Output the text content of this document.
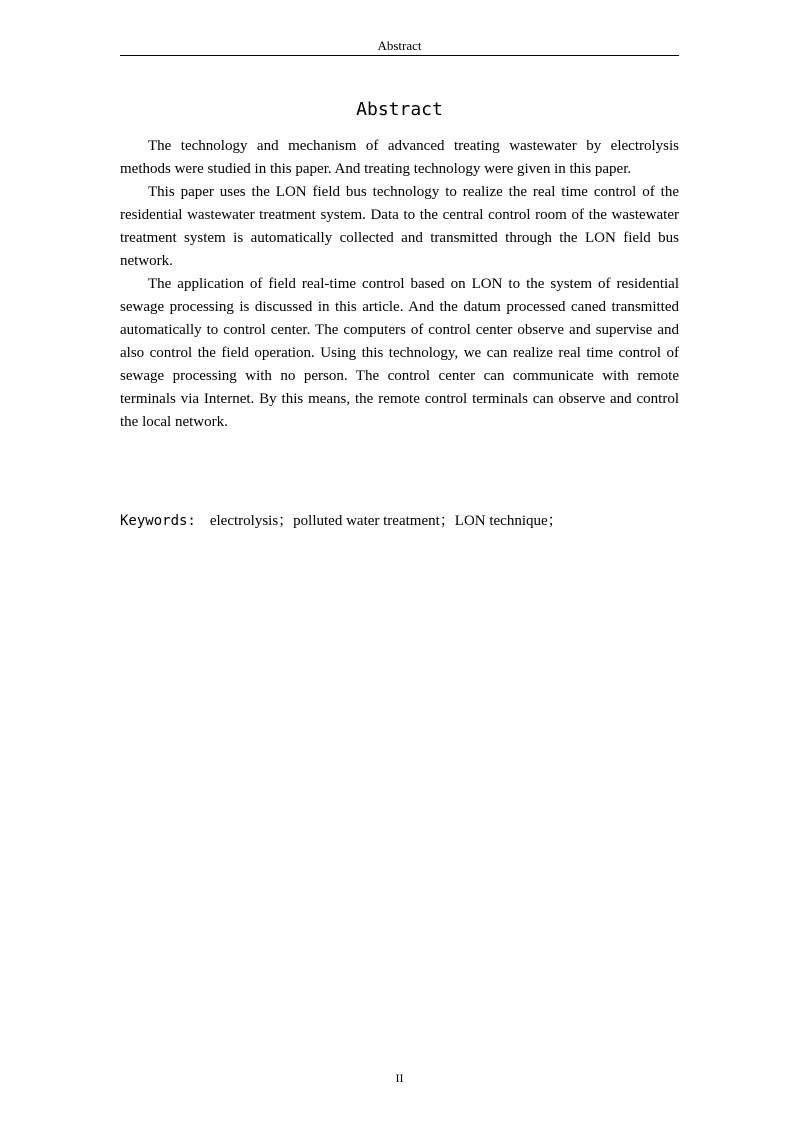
Abstract
Abstract

The technology and mechanism of advanced treating wastewater by electrolysis methods were studied in this paper. And treating technology were given in this paper.

This paper uses the LON field bus technology to realize the real time control of the residential wastewater treatment system. Data to the central control room of the wastewater treatment system is automatically collected and transmitted through the LON field bus network.

The application of field real-time control based on LON to the system of residential sewage processing is discussed in this article. And the datum processed caned transmitted automatically to control center. The computers of control center observe and supervise and also control the field operation. Using this technology, we can realize real time control of sewage processing with no person. The control center can communicate with remote terminals via Internet. By this means, the remote control terminals can observe and control the local network.

Keywords: electrolysis；polluted water treatment；LON technique；
II
